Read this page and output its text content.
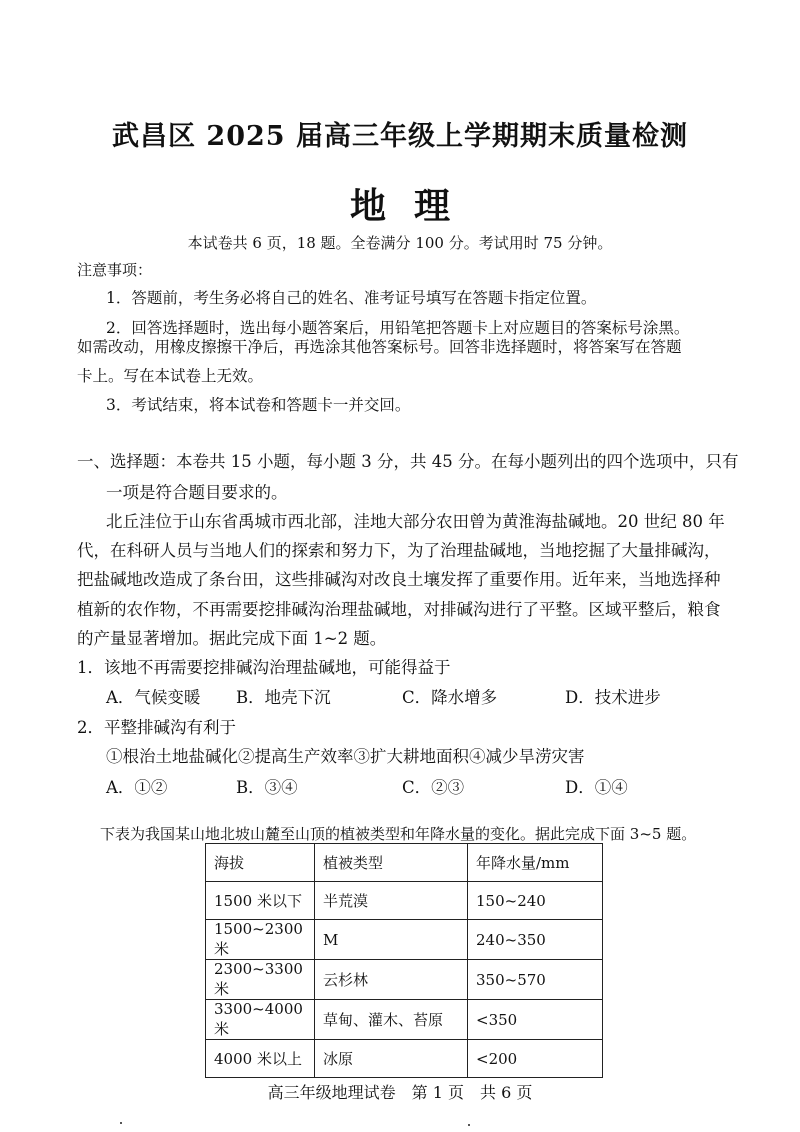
武昌区 2025 届高三年级上学期期末质量检测
地 理
本试卷共 6 页，18 题。全卷满分 100 分。考试用时 75 分钟。
注意事项：
1．答题前，考生务必将自己的姓名、准考证号填写在答题卡指定位置。
2．回答选择题时，选出每小题答案后，用铅笔把答题卡上对应题目的答案标号涂黑。
如需改动，用橡皮擦擦干净后，再选涂其他答案标号。回答非选择题时，将答案写在答题
卡上。写在本试卷上无效。
3．考试结束，将本试卷和答题卡一并交回。
一、选择题：本卷共 15 小题，每小题 3 分，共 45 分。在每小题列出的四个选项中，只有
一项是符合题目要求的。
北丘洼位于山东省禹城市西北部，洼地大部分农田曾为黄淮海盐碱地。20 世纪 80 年
代，在科研人员与当地人们的探索和努力下，为了治理盐碱地，当地挖掘了大量排碱沟，
把盐碱地改造成了条台田，这些排碱沟对改良土壤发挥了重要作用。近年来，当地选择种
植新的农作物，不再需要挖排碱沟治理盐碱地，对排碱沟进行了平整。区域平整后，粮食
的产量显著增加。据此完成下面 1~2 题。
1．该地不再需要挖排碱沟治理盐碱地，可能得益于
A．气候变暖 B．地壳下沉	C．降水增多	D．技术进步
2．平整排碱沟有利于
①根治土地盐碱化②提高生产效率③扩大耕地面积④减少旱涝灾害
A．①②	B．③④	C．②③	D．①④
下表为我国某山地北坡山麓至山顶的植被类型和年降水量的变化。据此完成下面 3~5 题。
海拔	植被类型	年降水量/mm
1500 米以下	半荒漠	150~240
1500~2300 米	M	240~350
2300~3300 米	云杉林	350~570
3300~4000 米	草甸、灌木、苔原	<350
4000 米以上	冰原	<200
高三年级地理试卷　第 1 页　共 6 页
